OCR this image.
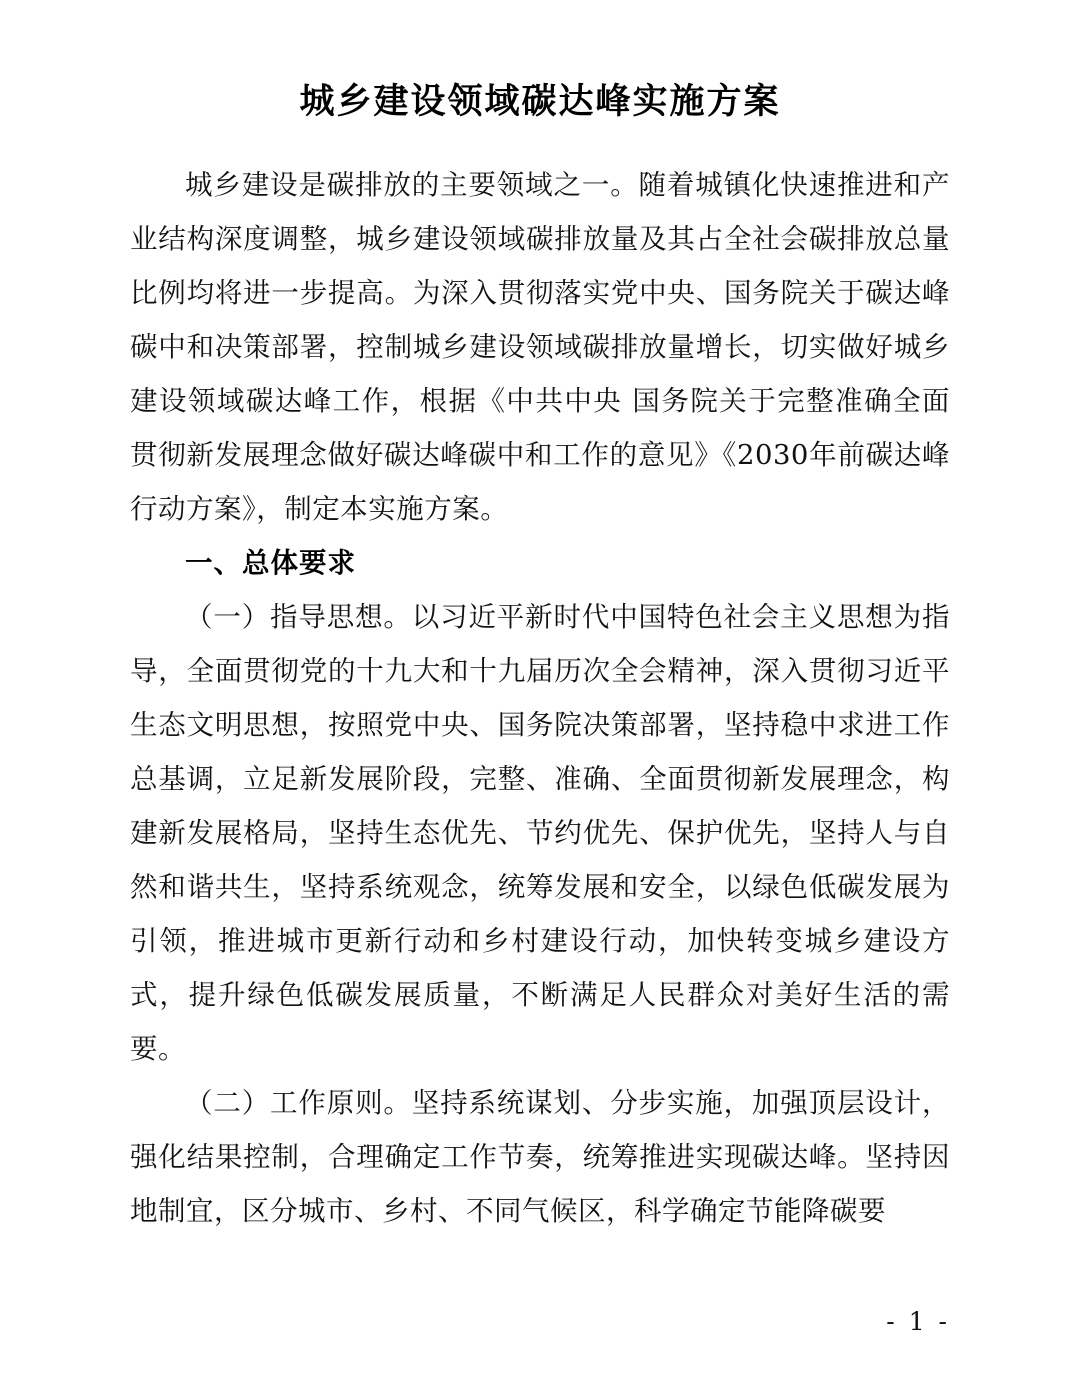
城乡建设领域碳达峰实施方案

城乡建设是碳排放的主要领域之一。随着城镇化快速推进和产业结构深度调整，城乡建设领域碳排放量及其占全社会碳排放总量比例均将进一步提高。为深入贯彻落实党中央、国务院关于碳达峰碳中和决策部署，控制城乡建设领域碳排放量增长，切实做好城乡建设领域碳达峰工作，根据《中共中央 国务院关于完整准确全面贯彻新发展理念做好碳达峰碳中和工作的意见》《2030年前碳达峰行动方案》，制定本实施方案。

一、总体要求

（一）指导思想。以习近平新时代中国特色社会主义思想为指导，全面贯彻党的十九大和十九届历次全会精神，深入贯彻习近平生态文明思想，按照党中央、国务院决策部署，坚持稳中求进工作总基调，立足新发展阶段，完整、准确、全面贯彻新发展理念，构建新发展格局，坚持生态优先、节约优先、保护优先，坚持人与自然和谐共生，坚持系统观念，统筹发展和安全，以绿色低碳发展为引领，推进城市更新行动和乡村建设行动，加快转变城乡建设方式，提升绿色低碳发展质量，不断满足人民群众对美好生活的需要。

（二）工作原则。坚持系统谋划、分步实施，加强顶层设计，强化结果控制，合理确定工作节奏，统筹推进实现碳达峰。坚持因地制宜，区分城市、乡村、不同气候区，科学确定节能降碳要

- 1 -
